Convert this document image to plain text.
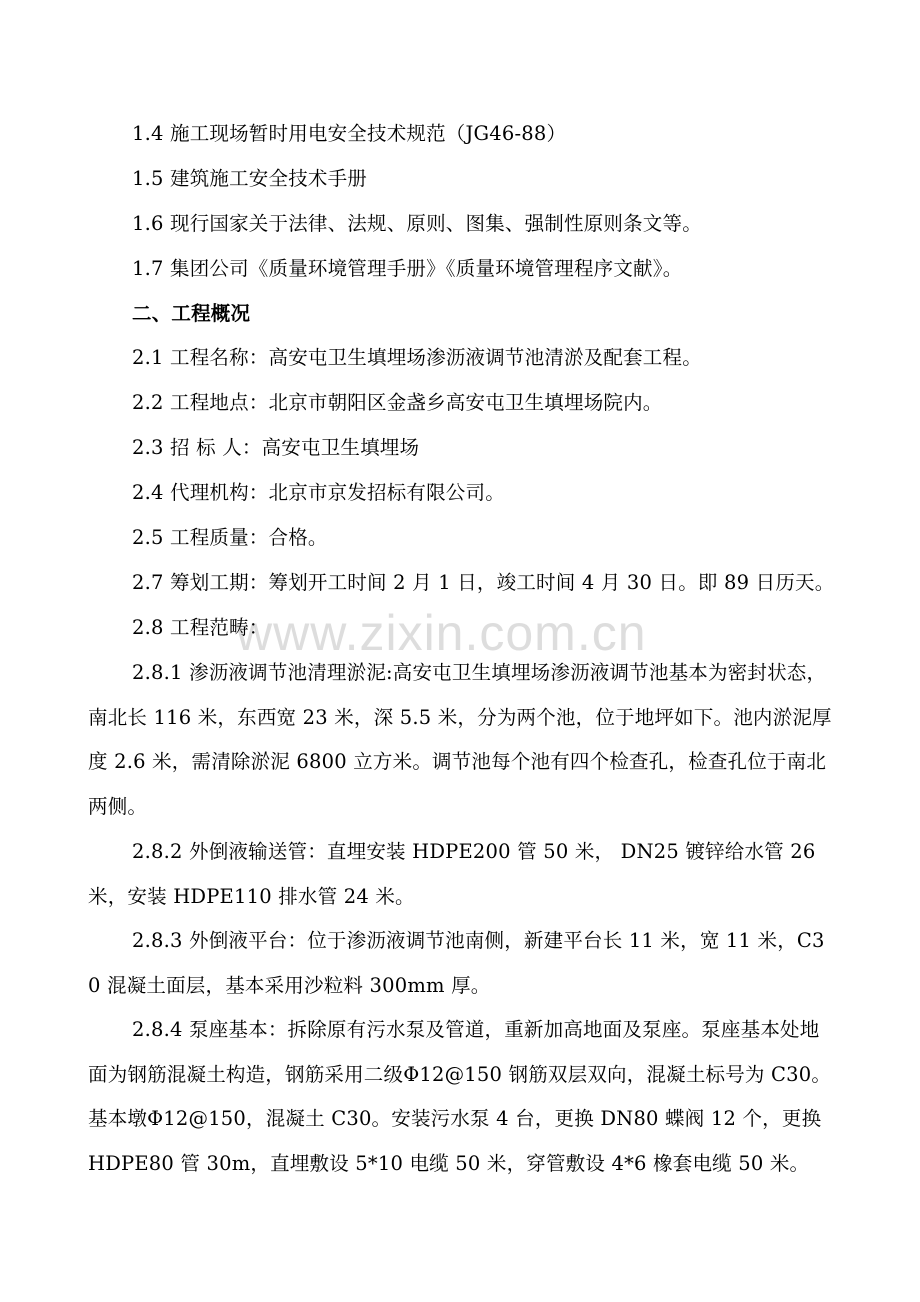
www.zixin.com.cn

1.4 施工现场暂时用电安全技术规范（JG46-88）

1.5 建筑施工安全技术手册

1.6 现行国家关于法律、法规、原则、图集、强制性原则条文等。

1.7 集团公司《质量环境管理手册》《质量环境管理程序文献》。

二、工程概况

2.1 工程名称：高安屯卫生填埋场渗沥液调节池清淤及配套工程。

2.2 工程地点：北京市朝阳区金盏乡高安屯卫生填埋场院内。

2.3 招 标 人：高安屯卫生填埋场

2.4 代理机构：北京市京发招标有限公司。

2.5 工程质量：合格。

2.7 筹划工期：筹划开工时间 2 月 1 日，竣工时间 4 月 30 日。即 89 日历天。

2.8 工程范畴：

2.8.1 渗沥液调节池清理淤泥:高安屯卫生填埋场渗沥液调节池基本为密封状态，南北长 116 米，东西宽 23 米，深 5.5 米，分为两个池，位于地坪如下。池内淤泥厚度 2.6 米，需清除淤泥 6800 立方米。调节池每个池有四个检查孔，检查孔位于南北两侧。

2.8.2 外倒液输送管：直埋安装 HDPE200 管 50 米， DN25 镀锌给水管 26 米，安装 HDPE110 排水管 24 米。

2.8.3 外倒液平台：位于渗沥液调节池南侧，新建平台长 11 米，宽 11 米，C30 混凝土面层，基本采用沙粒料 300mm 厚。

2.8.4 泵座基本：拆除原有污水泵及管道，重新加高地面及泵座。泵座基本处地面为钢筋混凝土构造，钢筋采用二级Φ12@150 钢筋双层双向，混凝土标号为 C30。基本墩Φ12@150，混凝土 C30。安装污水泵 4 台，更换 DN80 蝶阀 12 个，更换 HDPE80 管 30m，直埋敷设 5*10 电缆 50 米，穿管敷设 4*6 橡套电缆 50 米。
